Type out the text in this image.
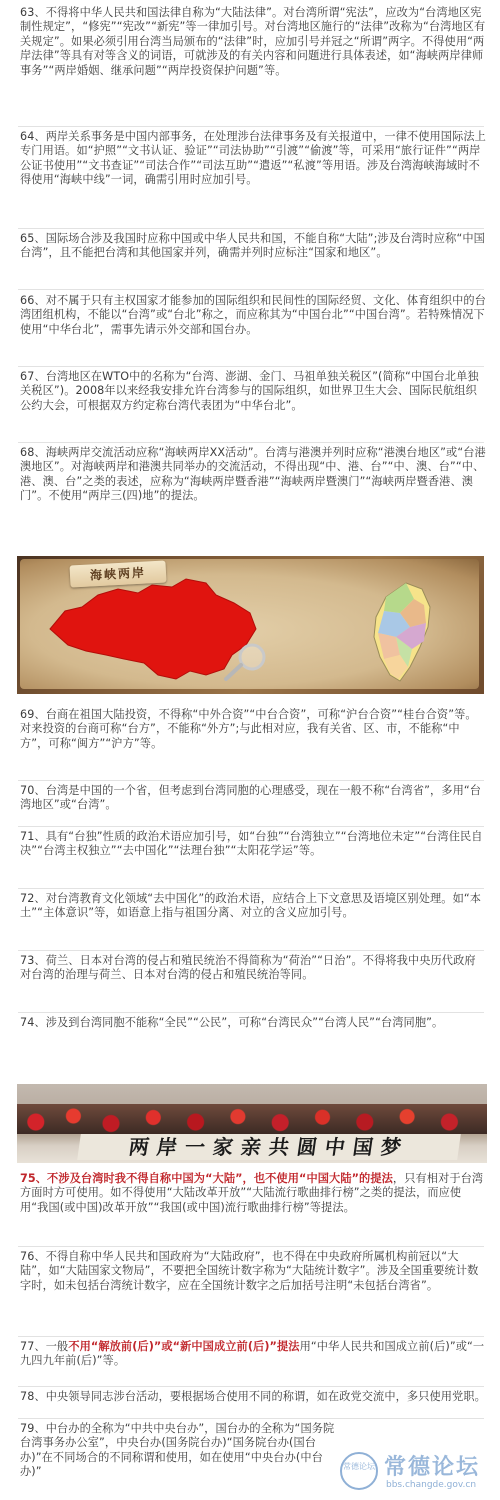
63、不得将中华人民共和国法律自称为“大陆法律”。对台湾所谓“宪法”，应改为“台湾地区宪制性规定”，“修宪”“宪改”“新宪”等一律加引号。对台湾地区施行的“法律”改称为“台湾地区有关规定”。如果必须引用台湾当局颁布的“法律”时，应加引号并冠之“所谓”两字。不得使用“两岸法律”等具有对等含义的词语，可就涉及的有关内容和问题进行具体表述，如“海峡两岸律师事务”“两岸婚姻、继承问题”“两岸投资保护问题”等。

64、两岸关系事务是中国内部事务，在处理涉台法律事务及有关报道中，一律不使用国际法上专门用语。如“护照”“文书认证、验证”“司法协助”“引渡”“偷渡”等，可采用“旅行证件”“两岸公证书使用”“文书查证”“司法合作”“司法互助”“遣返”“私渡”等用语。涉及台湾海峡海域时不得使用“海峡中线”一词，确需引用时应加引号。

65、国际场合涉及我国时应称中国或中华人民共和国，不能自称“大陆”;涉及台湾时应称“中国台湾”，且不能把台湾和其他国家并列，确需并列时应标注“国家和地区”。

66、对不属于只有主权国家才能参加的国际组织和民间性的国际经贸、文化、体育组织中的台湾团组机构，不能以“台湾”或“台北”称之，而应称其为“中国台北”“中国台湾”。若特殊情况下使用“中华台北”，需事先请示外交部和国台办。

67、台湾地区在WTO中的名称为“台湾、澎湖、金门、马祖单独关税区”(简称“中国台北单独关税区”)。2008年以来经我安排允许台湾参与的国际组织，如世界卫生大会、国际民航组织公约大会，可根据双方约定称台湾代表团为“中华台北”。

68、海峡两岸交流活动应称“海峡两岸XX活动”。台湾与港澳并列时应称“港澳台地区”或“台港澳地区”。对海峡两岸和港澳共同举办的交流活动，不得出现“中、港、台”“中、澳、台”“中、港、澳、台”之类的表述，应称为“海峡两岸暨香港”“海峡两岸暨澳门”“海峡两岸暨香港、澳门”。不使用“两岸三(四)地”的提法。

海峡两岸

69、台商在祖国大陆投资，不得称“中外合资”“中台合资”，可称“沪台合资”“桂台合资”等。对来投资的台商可称“台方”，不能称“外方”;与此相对应，我有关省、区、市，不能称“中方”，可称“闽方”“沪方”等。

70、台湾是中国的一个省，但考虑到台湾同胞的心理感受，现在一般不称“台湾省”，多用“台湾地区”或“台湾”。

71、具有“台独”性质的政治术语应加引号，如“台独”“台湾独立”“台湾地位未定”“台湾住民自决”“台湾主权独立”“去中国化”“法理台独”“太阳花学运”等。

72、对台湾教育文化领域“去中国化”的政治术语，应结合上下文意思及语境区别处理。如“本土”“主体意识”等，如语意上指与祖国分离、对立的含义应加引号。

73、荷兰、日本对台湾的侵占和殖民统治不得简称为“荷治”“日治”。不得将我中央历代政府对台湾的治理与荷兰、日本对台湾的侵占和殖民统治等同。

74、涉及到台湾同胞不能称“全民”“公民”，可称“台湾民众”“台湾人民”“台湾同胞”。

两岸一家亲共圆中国梦

75、不涉及台湾时我不得自称中国为“大陆”，也不使用“中国大陆”的提法，只有相对于台湾方面时方可使用。如不得使用“大陆改革开放”“大陆流行歌曲排行榜”之类的提法，而应使用“我国(或中国)改革开放”“我国(或中国)流行歌曲排行榜”等提法。

76、不得自称中华人民共和国政府为“大陆政府”，也不得在中央政府所属机构前冠以“大陆”，如“大陆国家文物局”，不要把全国统计数字称为“大陆统计数字”。涉及全国重要统计数字时，如未包括台湾统计数字，应在全国统计数字之后加括号注明“未包括台湾省”。

77、一般不用“解放前(后)”或“新中国成立前(后)”提法用“中华人民共和国成立前(后)”或“一九四九年前(后)”等。

78、中央领导同志涉台活动，要根据场合使用不同的称谓，如在政党交流中，多只使用党职。

79、中台办的全称为“中共中央台办”，国台办的全称为“国务院台湾事务办公室”，中央台办(国务院台办)“国务院台办(国台办)”在不同场合的不同称谓和使用，如在使用“中央台办(中台办)”	常德论坛 常德论坛
bbs.changde.gov.cn
